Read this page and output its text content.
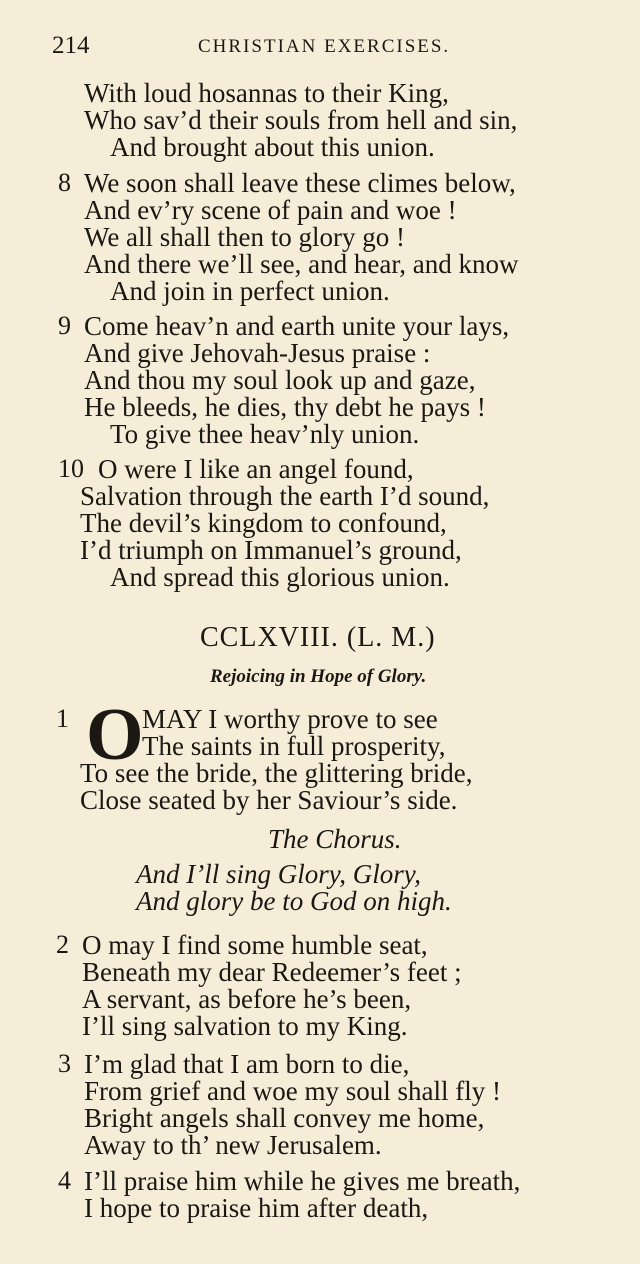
214	CHRISTIAN EXERCISES.
With loud hosannas to their King,
Who sav’d their souls from hell and sin,
And brought about this union.
8 We soon shall leave these climes below,
And ev’ry scene of pain and woe !
We all shall then to glory go !
And there we’ll see, and hear, and know
And join in perfect union.
9 Come heav’n and earth unite your lays,
And give Jehovah-Jesus praise :
And thou my soul look up and gaze,
He bleeds, he dies, thy debt he pays !
To give thee heav’nly union.
10 O were I like an angel found,
Salvation through the earth I’d sound,
The devil’s kingdom to confound,
I’d triumph on Immanuel’s ground,
And spread this glorious union.
CCLXVIII. (L. M.)
Rejoicing in Hope of Glory.
1 O
MAY I worthy prove to see
The saints in full prosperity,
To see the bride, the glittering bride,
Close seated by her Saviour’s side.
The Chorus.
And I’ll sing Glory, Glory,
And glory be to God on high.
2 O may I find some humble seat,
Beneath my dear Redeemer’s feet ;
A servant, as before he’s been,
I’ll sing salvation to my King.
3 I’m glad that I am born to die,
From grief and woe my soul shall fly !
Bright angels shall convey me home,
Away to th’ new Jerusalem.
4 I’ll praise him while he gives me breath,
I hope to praise him after death,
